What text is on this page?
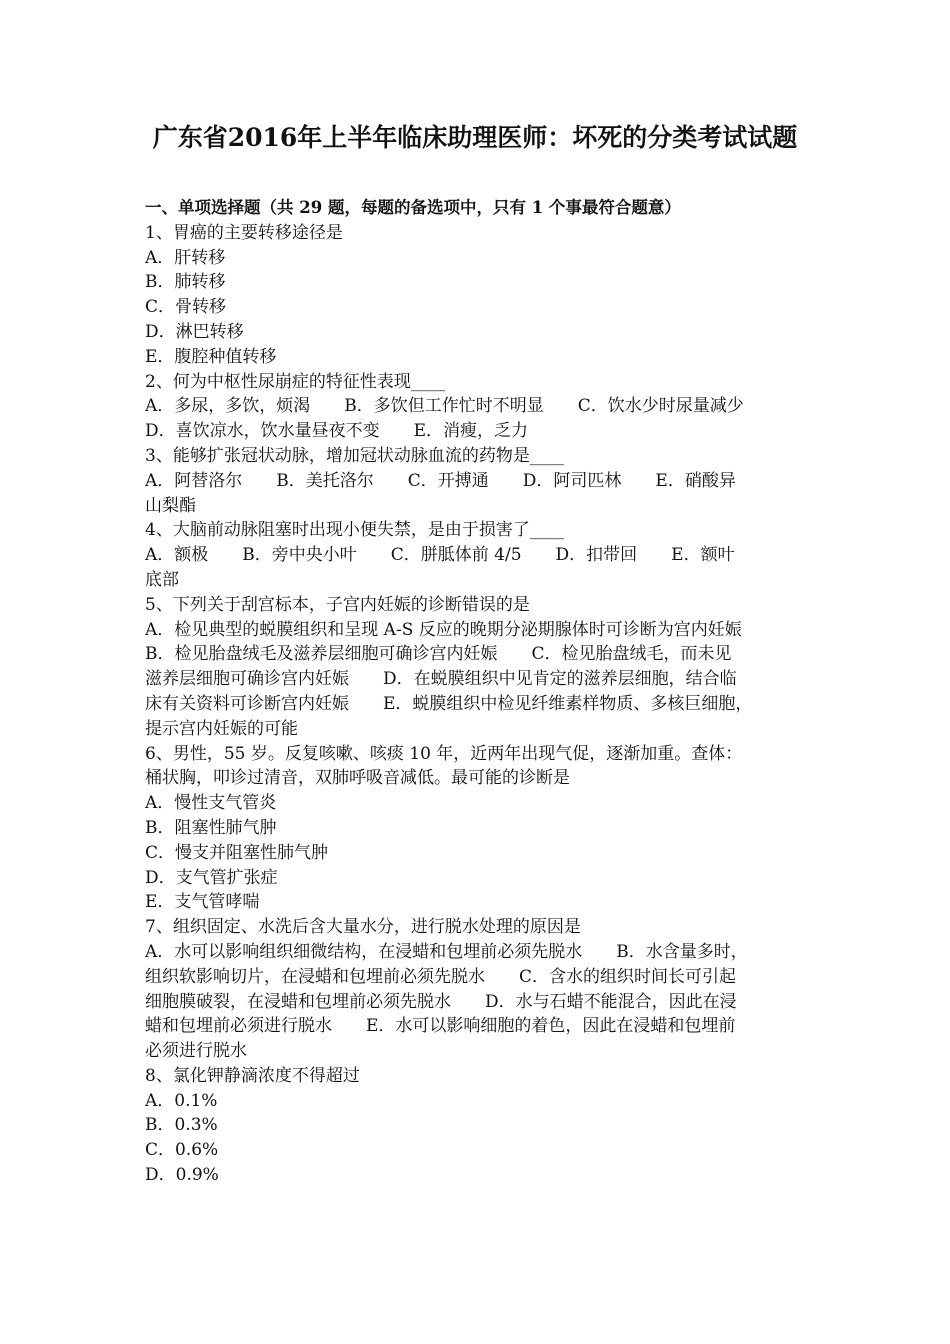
广东省2016年上半年临床助理医师：坏死的分类考试试题
一、单项选择题（共 29 题，每题的备选项中，只有 1 个事最符合题意）
1、胃癌的主要转移途径是
A．肝转移
B．肺转移
C．骨转移
D．淋巴转移
E．腹腔种值转移
2、何为中枢性尿崩症的特征性表现____
A．多尿，多饮，烦渴　　B．多饮但工作忙时不明显　　C．饮水少时尿量减少
D．喜饮凉水，饮水量昼夜不变　　E．消瘦，乏力
3、能够扩张冠状动脉，增加冠状动脉血流的药物是____
A．阿替洛尔　　B．美托洛尔　　C．开搏通　　D．阿司匹林　　E．硝酸异
山梨酯
4、大脑前动脉阻塞时出现小便失禁，是由于损害了____
A．额极　　B．旁中央小叶　　C．胼胝体前 4/5　　D．扣带回　　E．额叶
底部
5、下列关于刮宫标本，子宫内妊娠的诊断错误的是
A．检见典型的蜕膜组织和呈现 A-S 反应的晚期分泌期腺体时可诊断为宫内妊娠
B．检见胎盘绒毛及滋养层细胞可确诊宫内妊娠　　C．检见胎盘绒毛，而未见
滋养层细胞可确诊宫内妊娠　　D．在蜕膜组织中见肯定的滋养层细胞，结合临
床有关资料可诊断宫内妊娠　　E．蜕膜组织中检见纤维素样物质、多核巨细胞，
提示宫内妊娠的可能
6、男性，55 岁。反复咳嗽、咳痰 10 年，近两年出现气促，逐渐加重。查体：
桶状胸，叩诊过清音，双肺呼吸音减低。最可能的诊断是
A．慢性支气管炎
B．阻塞性肺气肿
C．慢支并阻塞性肺气肿
D．支气管扩张症
E．支气管哮喘
7、组织固定、水洗后含大量水分，进行脱水处理的原因是
A．水可以影响组织细微结构，在浸蜡和包埋前必须先脱水　　B．水含量多时，
组织软影响切片，在浸蜡和包埋前必须先脱水　　C．含水的组织时间长可引起
细胞膜破裂，在浸蜡和包埋前必须先脱水　　D．水与石蜡不能混合，因此在浸
蜡和包埋前必须进行脱水　　E．水可以影响细胞的着色，因此在浸蜡和包埋前
必须进行脱水
8、氯化钾静滴浓度不得超过
A．0.1%
B．0.3%
C．0.6%
D．0.9%
